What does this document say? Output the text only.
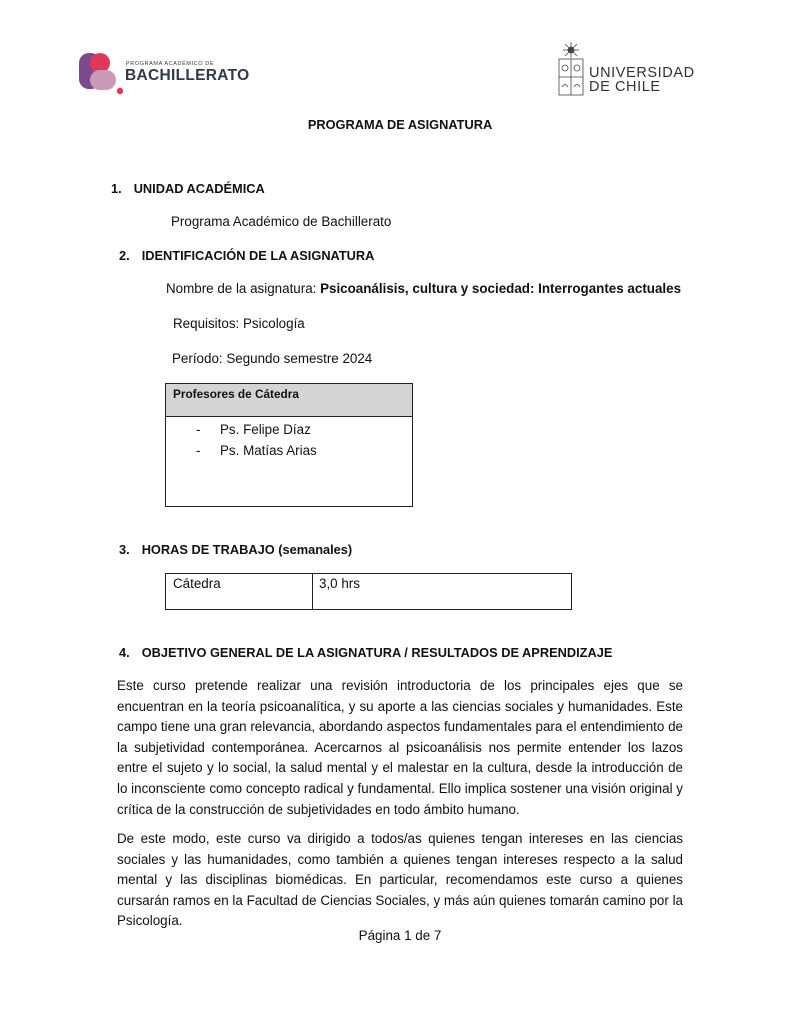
PROGRAMA ACADÉMICO DE
BACHILLERATO	UNIVERSIDAD
DE CHILE
PROGRAMA DE ASIGNATURA
1. UNIDAD ACADÉMICA
Programa Académico de Bachillerato
2. IDENTIFICACIÓN DE LA ASIGNATURA
Nombre de la asignatura: Psicoanálisis, cultura y sociedad: Interrogantes actuales
Requisitos: Psicología
Período: Segundo semestre 2024
Profesores de Cátedra
- Ps. Felipe Díaz
- Ps. Matías Arias
3. HORAS DE TRABAJO (semanales)
Cátedra	3,0 hrs
4. OBJETIVO GENERAL DE LA ASIGNATURA / RESULTADOS DE APRENDIZAJE
Este curso pretende realizar una revisión introductoria de los principales ejes que se encuentran en la teoría psicoanalítica, y su aporte a las ciencias sociales y humanidades. Este campo tiene una gran relevancia, abordando aspectos fundamentales para el entendimiento de la subjetividad contemporánea. Acercarnos al psicoanálisis nos permite entender los lazos entre el sujeto y lo social, la salud mental y el malestar en la cultura, desde la introducción de lo inconsciente como concepto radical y fundamental. Ello implica sostener una visión original y crítica de la construcción de subjetividades en todo ámbito humano.
De este modo, este curso va dirigido a todos/as quienes tengan intereses en las ciencias sociales y las humanidades, como también a quienes tengan intereses respecto a la salud mental y las disciplinas biomédicas. En particular, recomendamos este curso a quienes cursarán ramos en la Facultad de Ciencias Sociales, y más aún quienes tomarán camino por la Psicología.
Página 1 de 7
